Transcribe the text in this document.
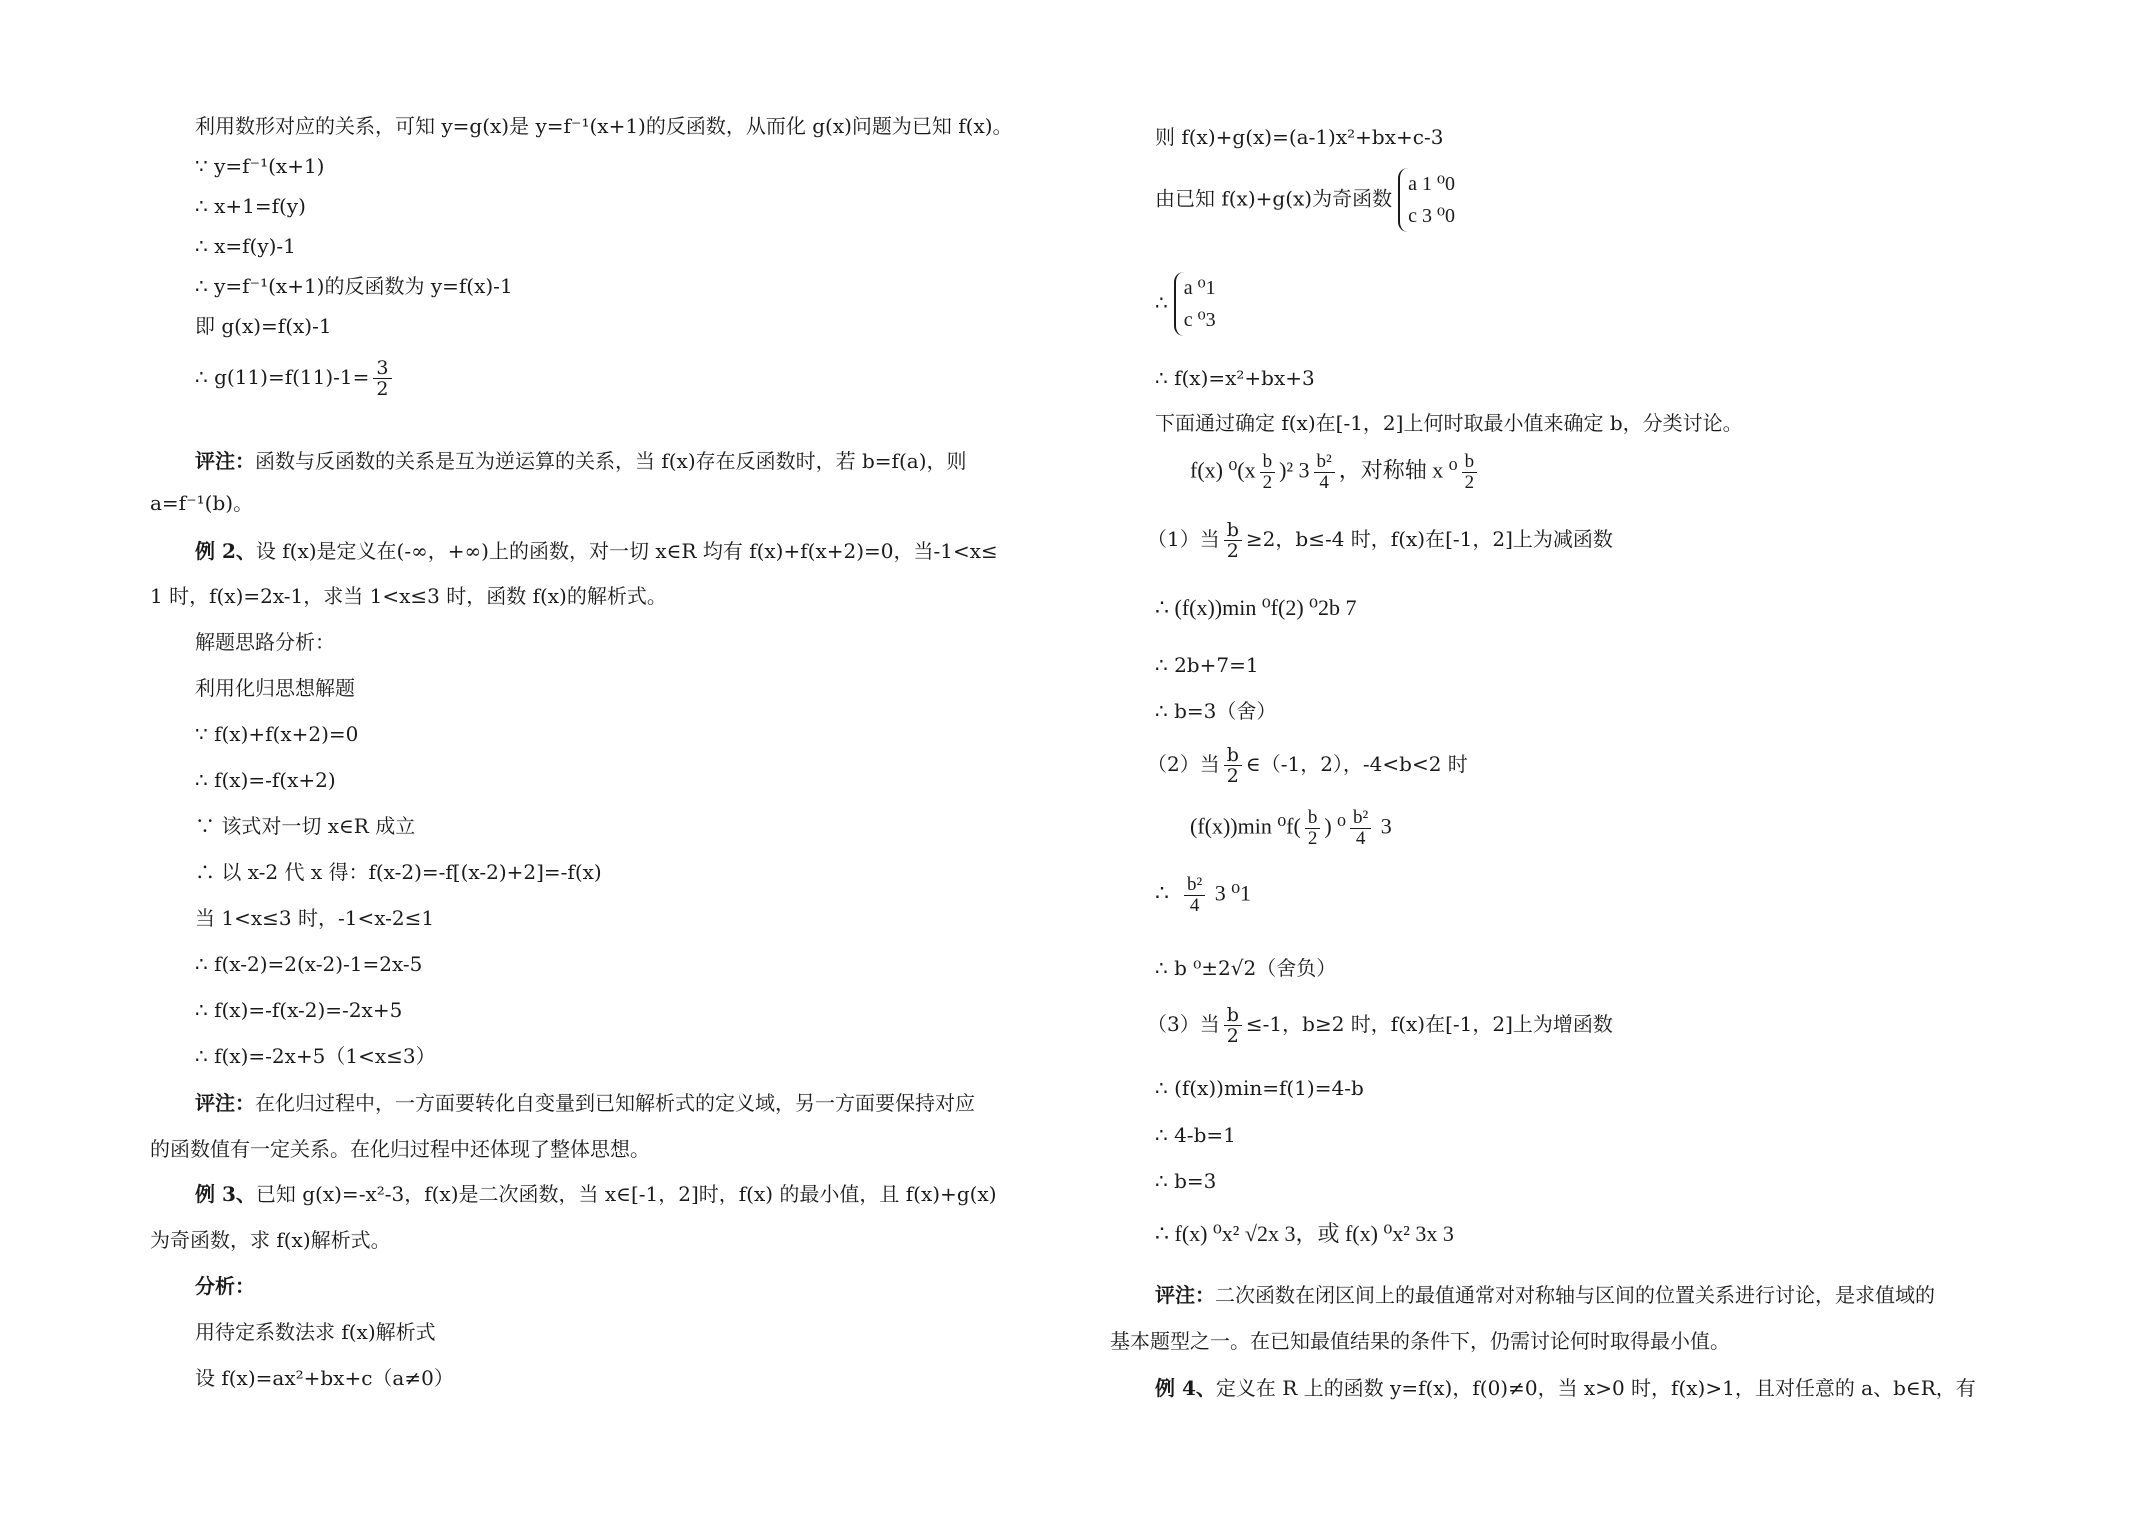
利用数形对应的关系，可知 y=g(x)是 y=f⁻¹(x+1)的反函数，从而化 g(x)问题为已知 f(x)。
∵ y=f⁻¹(x+1)
∴ x+1=f(y)
∴ x=f(y)-1
∴ y=f⁻¹(x+1)的反函数为 y=f(x)-1
即 g(x)=f(x)-1
∴ $g(11)=f(11)-1= \frac{3}{2}$
评注：函数与反函数的关系是互为逆运算的关系，当 f(x)存在反函数时，若 b=f(a)，则
a=f⁻¹(b)。
例 2、设 f(x)是定义在(-∞，+∞)上的函数，对一切 x∈R 均有 f(x)+f(x+2)=0，当-1<x≤
1 时，f(x)=2x-1，求当 1<x≤3 时，函数 f(x)的解析式。
解题思路分析：
利用化归思想解题
∵ f(x)+f(x+2)=0
∴ f(x)=-f(x+2)
∵ 该式对一切 x∈R 成立
∴ 以 x-2 代 x 得：f(x-2)=-f[(x-2)+2]=-f(x)
当 1<x≤3 时，-1<x-2≤1
∴ f(x-2)=2(x-2)-1=2x-5
∴ f(x)=-f(x-2)=-2x+5
∴ f(x)=-2x+5（1<x≤3）
评注：在化归过程中，一方面要转化自变量到已知解析式的定义域，另一方面要保持对应
的函数值有一定关系。在化归过程中还体现了整体思想。
例 3、已知 g(x)=-x²-3，f(x)是二次函数，当 x∈[-1，2]时，f(x) 的最小值，且 f(x)+g(x)
为奇函数，求 f(x)解析式。
分析：
用待定系数法求 f(x)解析式
设 f(x)=ax²+bx+c（a≠0）
则 f(x)+g(x)=(a-1)x²+bx+c-3
由已知 f(x)+g(x)为奇函数
a 1 ⁰0
c 3 ⁰0
∴
a ⁰1
c ⁰3
∴ f(x)=x²+bx+3
下面通过确定 f(x)在[-1，2]上何时取最小值来确定 b，分类讨论。
f(x) $^0(x \frac{b}{2} )^2$ $3 \frac{\text{b²}}{4}$ ，对称轴 x $^0 \frac{b}{2}$
（1）当 $\frac{b}{2} \ge 2$，b≤-4 时，f(x)在[-1，2]上为减函数
∴ (f(x))min ⁰f(2) ⁰2b 7
∴ 2b+7=1
∴ b=3（舍）
（2）当 $\frac{b}{2}$ ∈（-1，2），-4<b<2 时
(f(x))min $^0f( \frac{b}{2}$ ) $^0 \frac{\text{b²}}{4} 3$
∴ $\frac{\text{b²}}{4} 3$ ⁰1
∴ b ⁰±2√2（舍负）
（3）当 $\frac{b}{2} \le-1$，b≥2 时，f(x)在[-1，2]上为增函数
∴ (f(x))min=f(1)=4-b
∴ 4-b=1
∴ b=3
∴ f(x) ⁰x² √2x 3，或 f(x) ⁰x² 3x 3
评注：二次函数在闭区间上的最值通常对对称轴与区间的位置关系进行讨论，是求值域的
基本题型之一。在已知最值结果的条件下，仍需讨论何时取得最小值。
例 4、定义在 R 上的函数 y=f(x)，f(0)≠0，当 x>0 时，f(x)>1，且对任意的 a、b∈R，有
